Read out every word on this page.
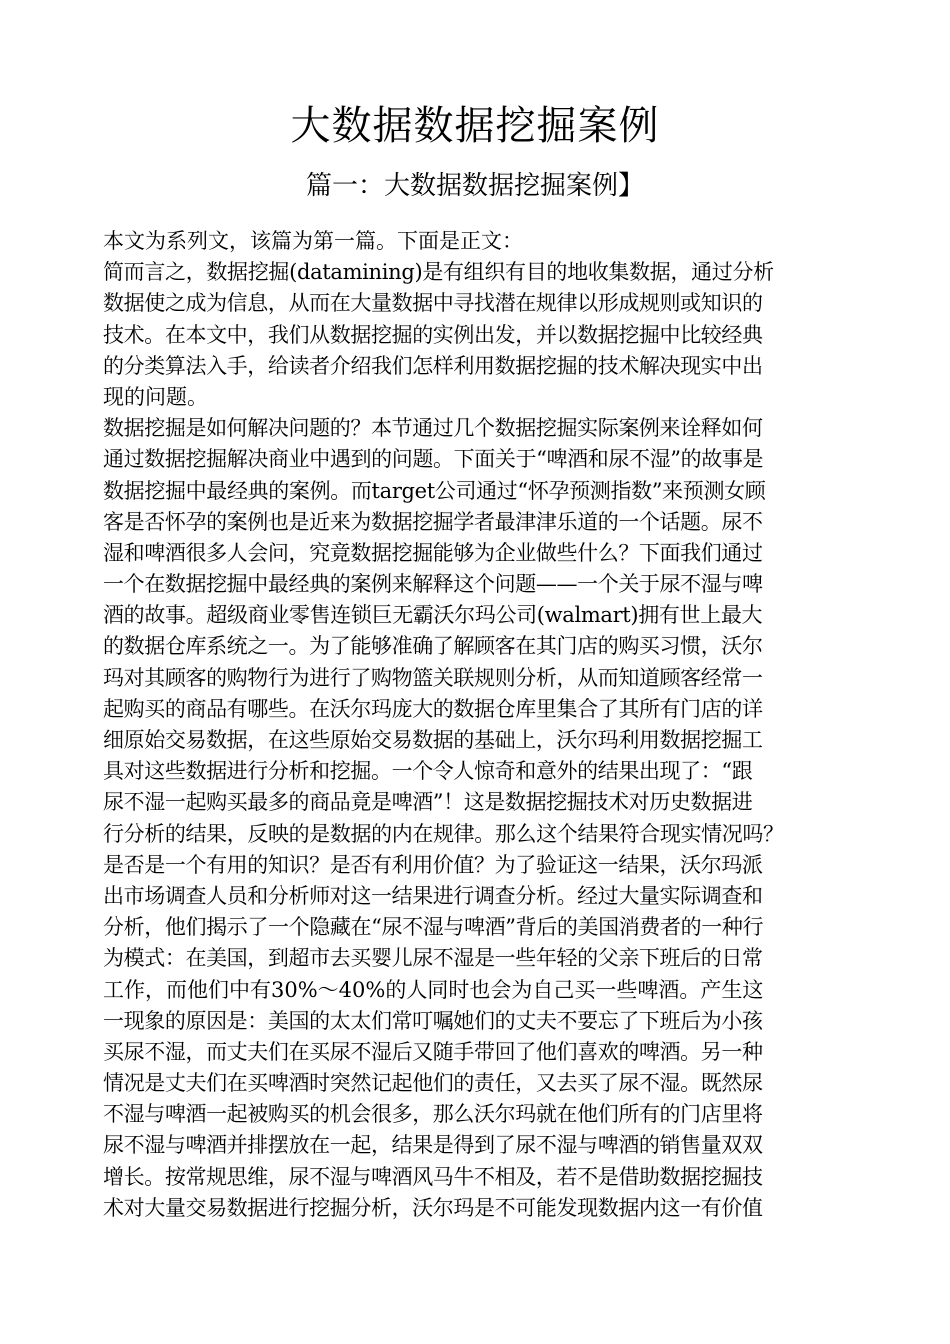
大数据数据挖掘案例
篇一：大数据数据挖掘案例】
本文为系列文，该篇为第一篇。下面是正文：
简而言之，数据挖掘(datamining)是有组织有目的地收集数据，通过分析
数据使之成为信息，从而在大量数据中寻找潜在规律以形成规则或知识的
技术。在本文中，我们从数据挖掘的实例出发，并以数据挖掘中比较经典
的分类算法入手，给读者介绍我们怎样利用数据挖掘的技术解决现实中出
现的问题。
数据挖掘是如何解决问题的？本节通过几个数据挖掘实际案例来诠释如何
通过数据挖掘解决商业中遇到的问题。下面关于“啤酒和尿不湿”的故事是
数据挖掘中最经典的案例。而target公司通过“怀孕预测指数”来预测女顾
客是否怀孕的案例也是近来为数据挖掘学者最津津乐道的一个话题。尿不
湿和啤酒很多人会问，究竟数据挖掘能够为企业做些什么？下面我们通过
一个在数据挖掘中最经典的案例来解释这个问题——一个关于尿不湿与啤
酒的故事。超级商业零售连锁巨无霸沃尔玛公司(walmart)拥有世上最大
的数据仓库系统之一。为了能够准确了解顾客在其门店的购买习惯，沃尔
玛对其顾客的购物行为进行了购物篮关联规则分析，从而知道顾客经常一
起购买的商品有哪些。在沃尔玛庞大的数据仓库里集合了其所有门店的详
细原始交易数据，在这些原始交易数据的基础上，沃尔玛利用数据挖掘工
具对这些数据进行分析和挖掘。一个令人惊奇和意外的结果出现了：“跟
尿不湿一起购买最多的商品竟是啤酒”！这是数据挖掘技术对历史数据进
行分析的结果，反映的是数据的内在规律。那么这个结果符合现实情况吗？
是否是一个有用的知识？是否有利用价值？为了验证这一结果，沃尔玛派
出市场调查人员和分析师对这一结果进行调查分析。经过大量实际调查和
分析，他们揭示了一个隐藏在“尿不湿与啤酒”背后的美国消费者的一种行
为模式：在美国，到超市去买婴儿尿不湿是一些年轻的父亲下班后的日常
工作，而他们中有30%～40%的人同时也会为自己买一些啤酒。产生这
一现象的原因是：美国的太太们常叮嘱她们的丈夫不要忘了下班后为小孩
买尿不湿，而丈夫们在买尿不湿后又随手带回了他们喜欢的啤酒。另一种
情况是丈夫们在买啤酒时突然记起他们的责任，又去买了尿不湿。既然尿
不湿与啤酒一起被购买的机会很多，那么沃尔玛就在他们所有的门店里将
尿不湿与啤酒并排摆放在一起，结果是得到了尿不湿与啤酒的销售量双双
增长。按常规思维，尿不湿与啤酒风马牛不相及，若不是借助数据挖掘技
术对大量交易数据进行挖掘分析，沃尔玛是不可能发现数据内这一有价值
